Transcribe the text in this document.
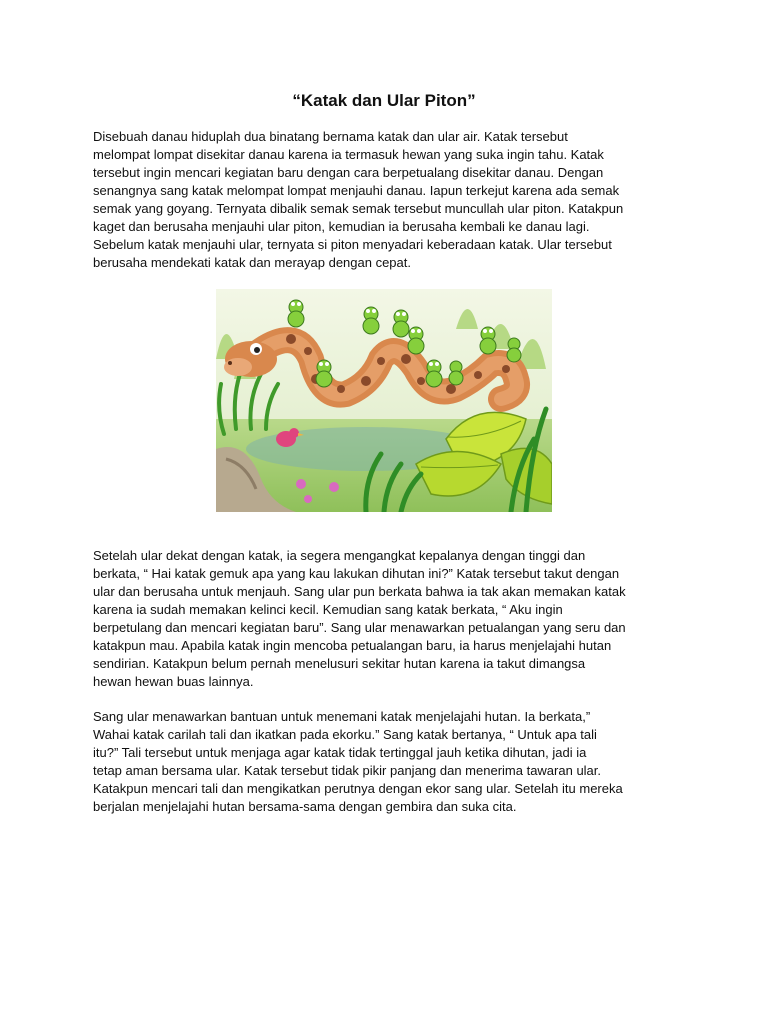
“Katak dan Ular Piton”
Disebuah danau hiduplah dua binatang bernama katak dan ular air. Katak tersebut
melompat lompat disekitar danau karena ia termasuk hewan yang suka ingin tahu. Katak
tersebut ingin mencari kegiatan baru dengan cara berpetualang disekitar danau. Dengan
senangnya sang katak melompat lompat menjauhi danau. Iapun terkejut karena ada semak
semak yang goyang. Ternyata dibalik semak semak tersebut muncullah ular piton. Katakpun
kaget dan berusaha menjauhi ular piton, kemudian ia berusaha kembali ke danau lagi.
Sebelum katak menjauhi ular, ternyata si piton menyadari keberadaan katak. Ular tersebut
berusaha mendekati katak dan merayap dengan cepat.
Setelah ular dekat dengan katak, ia segera mengangkat kepalanya dengan tinggi dan
berkata, “ Hai katak gemuk apa yang kau lakukan dihutan ini?” Katak tersebut takut dengan
ular dan berusaha untuk menjauh. Sang ular pun berkata bahwa ia tak akan memakan katak
karena ia sudah memakan kelinci kecil. Kemudian sang katak berkata, “ Aku ingin
berpetulang dan mencari kegiatan baru”. Sang ular menawarkan petualangan yang seru dan
katakpun mau. Apabila katak ingin mencoba petualangan baru, ia harus menjelajahi hutan
sendirian. Katakpun belum pernah menelusuri sekitar hutan karena ia takut dimangsa
hewan hewan buas lainnya.
Sang ular menawarkan bantuan untuk menemani katak menjelajahi hutan. Ia berkata,”
Wahai katak carilah tali dan ikatkan pada ekorku.” Sang katak bertanya, “ Untuk apa tali
itu?” Tali tersebut untuk menjaga agar katak tidak tertinggal jauh ketika dihutan, jadi ia
tetap aman bersama ular. Katak tersebut tidak pikir panjang dan menerima tawaran ular.
Katakpun mencari tali dan mengikatkan perutnya dengan ekor sang ular. Setelah itu mereka
berjalan menjelajahi hutan bersama-sama dengan gembira dan suka cita.
